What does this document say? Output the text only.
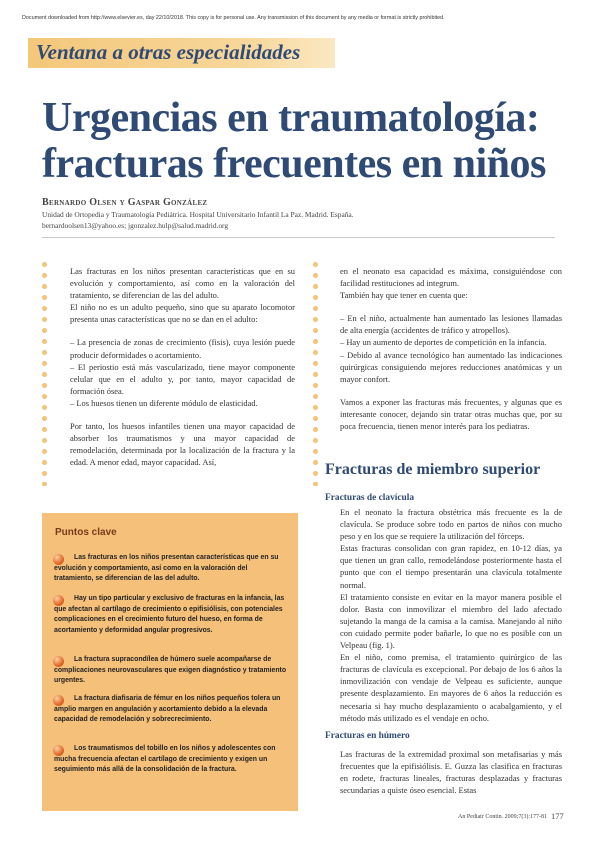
Document downloaded from http://www.elsevier.es, day 22/10/2018. This copy is for personal use. Any transmission of this document by any media or format is strictly prohibited.
Ventana a otras especialidades
Urgencias en traumatología:
fracturas frecuentes en niños
Bernardo Olsen y Gaspar González
Unidad de Ortopedia y Traumatología Pediátrica. Hospital Universitario Infantil La Paz. Madrid. España.
bernardoolsen13@yahoo.es; jgonzalez.hulp@salud.madrid.org

Las fracturas en los niños presentan características que en su evolución y comportamiento, así como en la valoración del tratamiento, se diferencian de las del adulto.

El niño no es un adulto pequeño, sino que su aparato locomotor presenta unas características que no se dan en el adulto:

– La presencia de zonas de crecimiento (fisis), cuya lesión puede producir deformidades o acortamiento.

– El periostio está más vascularizado, tiene mayor componente celular que en el adulto y, por tanto, mayor capacidad de formación ósea.

– Los huesos tienen un diferente módulo de elasticidad.

Por tanto, los huesos infantiles tienen una mayor capacidad de absorber los traumatismos y una mayor capacidad de remodelación, determinada por la localización de la fractura y la edad. A menor edad, mayor capacidad. Así,

en el neonato esa capacidad es máxima, consiguiéndose con facilidad restituciones ad integrum.

También hay que tener en cuenta que:

– En el niño, actualmente han aumentado las lesiones llamadas de alta energía (accidentes de tráfico y atropellos).

– Hay un aumento de deportes de competición en la infancia.

– Debido al avance tecnológico han aumentado las indicaciones quirúrgicas consiguiendo mejores reducciones anatómicas y un mayor confort.

Vamos a exponer las fracturas más frecuentes, y algunas que es interesante conocer, dejando sin tratar otras muchas que, por su poca frecuencia, tienen menor interés para los pediatras.

Fracturas de miembro superior
Fracturas de clavícula

En el neonato la fractura obstétrica más frecuente es la de clavícula. Se produce sobre todo en partos de niños con mucho peso y en los que se requiere la utilización del fórceps.

Estas fracturas consolidan con gran rapidez, en 10-12 días, ya que tienen un gran callo, remodelándose posteriormente hasta el punto que con el tiempo presentarán una clavícula totalmente normal.

El tratamiento consiste en evitar en la mayor manera posible el dolor. Basta con inmovilizar el miembro del lado afectado sujetando la manga de la camisa a la camisa. Manejando al niño con cuidado permite poder bañarle, lo que no es posible con un Velpeau (fig. 1).

En el niño, como premisa, el tratamiento quirúrgico de las fracturas de clavícula es excepcional. Por debajo de los 6 años la inmovilización con vendaje de Velpeau es suficiente, aunque presente desplazamiento. En mayores de 6 años la reducción es necesaria si hay mucho desplazamiento o acabalgamiento, y el método más utilizado es el vendaje en ocho.

Fracturas en húmero

Las fracturas de la extremidad proximal son metafisarias y más frecuentes que la epifisiólisis. E. Guzza las clasifica en fracturas en rodete, fracturas lineales, fracturas desplazadas y fracturas secundarias a quiste óseo esencial. Estas

Puntos clave
Las fracturas en los niños presentan características que en su evolución y comportamiento, así como en la valoración del tratamiento, se diferencian de las del adulto.
Hay un tipo particular y exclusivo de fracturas en la infancia, las que afectan al cartílago de crecimiento o epifisiólisis, con potenciales complicaciones en el crecimiento futuro del hueso, en forma de acortamiento y deformidad angular progresivos.
La fractura supracondílea de húmero suele acompañarse de complicaciones neurovasculares que exigen diagnóstico y tratamiento urgentes.
La fractura diafisaria de fémur en los niños pequeños tolera un amplio margen en angulación y acortamiento debido a la elevada capacidad de remodelación y sobrecrecimiento.
Los traumatismos del tobillo en los niños y adolescentes con mucha frecuencia afectan el cartílago de crecimiento y exigen un seguimiento más allá de la consolidación de la fractura.
An Pediatr Contin. 2009;7(3):177-81 177
